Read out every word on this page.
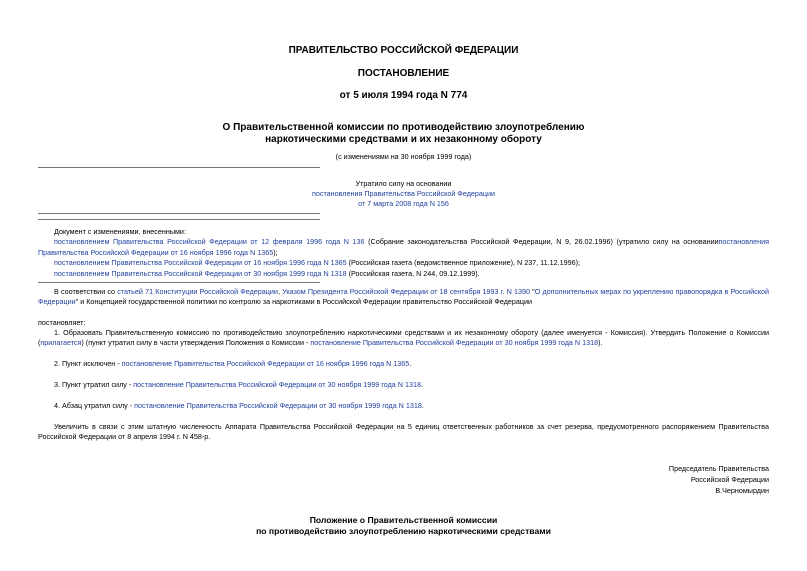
ПРАВИТЕЛЬСТВО РОССИЙСКОЙ ФЕДЕРАЦИИ
ПОСТАНОВЛЕНИЕ
от 5 июля 1994 года N 774
О Правительственной комиссии по противодействию злоупотреблению
наркотическими средствами и их незаконному обороту
(с изменениями на 30 ноября 1999 года)
Утратило силу на основании
постановления Правительства Российской Федерации
от 7 марта 2008 года N 156
Документ с изменениями, внесенными:
постановлением Правительства Российской Федерации от 12 февраля 1996 года N 136 (Собрание законодательства Российской Федерации, N 9, 26.02.1996) (утратило силу на основаниипостановления Правительства Российской Федерации от 16 ноября 1996 года N 1365);
постановлением Правительства Российской Федерации от 16 ноября 1996 года N 1365 (Российская газета (ведомственное приложение), N 237, 11.12.1996);
постановлением Правительства Российской Федерации от 30 ноября 1999 года N 1318 (Российская газета, N 244, 09.12.1999).
В соответствии со статьей 71 Конституции Российской Федерации, Указом Президента Российской Федерации от 18 сентября 1993 г. N 1390 "О дополнительных мерах по укреплению правопорядка в Российской Федерации" и Концепцией государственной политики по контролю за наркотиками в Российской Федерации правительство Российской Федерации
постановляет:
1. Образовать Правительственную комиссию по противодействию злоупотреблению наркотическими средствами и их незаконному обороту (далее именуется - Комиссия). Утвердить Положение о Комиссии (прилагается) (пункт утратил силу в части утверждения Положения о Комиссии - постановление Правительства Российской Федерации от 30 ноября 1999 года N 1318).
2. Пункт исключен - постановление Правительства Российской Федерации от 16 ноября 1996 года N 1365.
3. Пункт утратил силу - постановление Правительства Российской Федерации от 30 ноября 1999 года N 1318.
4. Абзац утратил силу - постановление Правительства Российской Федерации от 30 ноября 1999 года N 1318.
Увеличить в связи с этим штатную численность Аппарата Правительства Российской Федерации на 5 единиц ответственных работников за счет резерва, предусмотренного распоряжением Правительства Российской Федерации от 8 апреля 1994 г. N 458-р.
Председатель Правительства
Российской Федерации
В.Черномырдин
Положение о Правительственной комиссии
по противодействию злоупотреблению наркотическими средствами
